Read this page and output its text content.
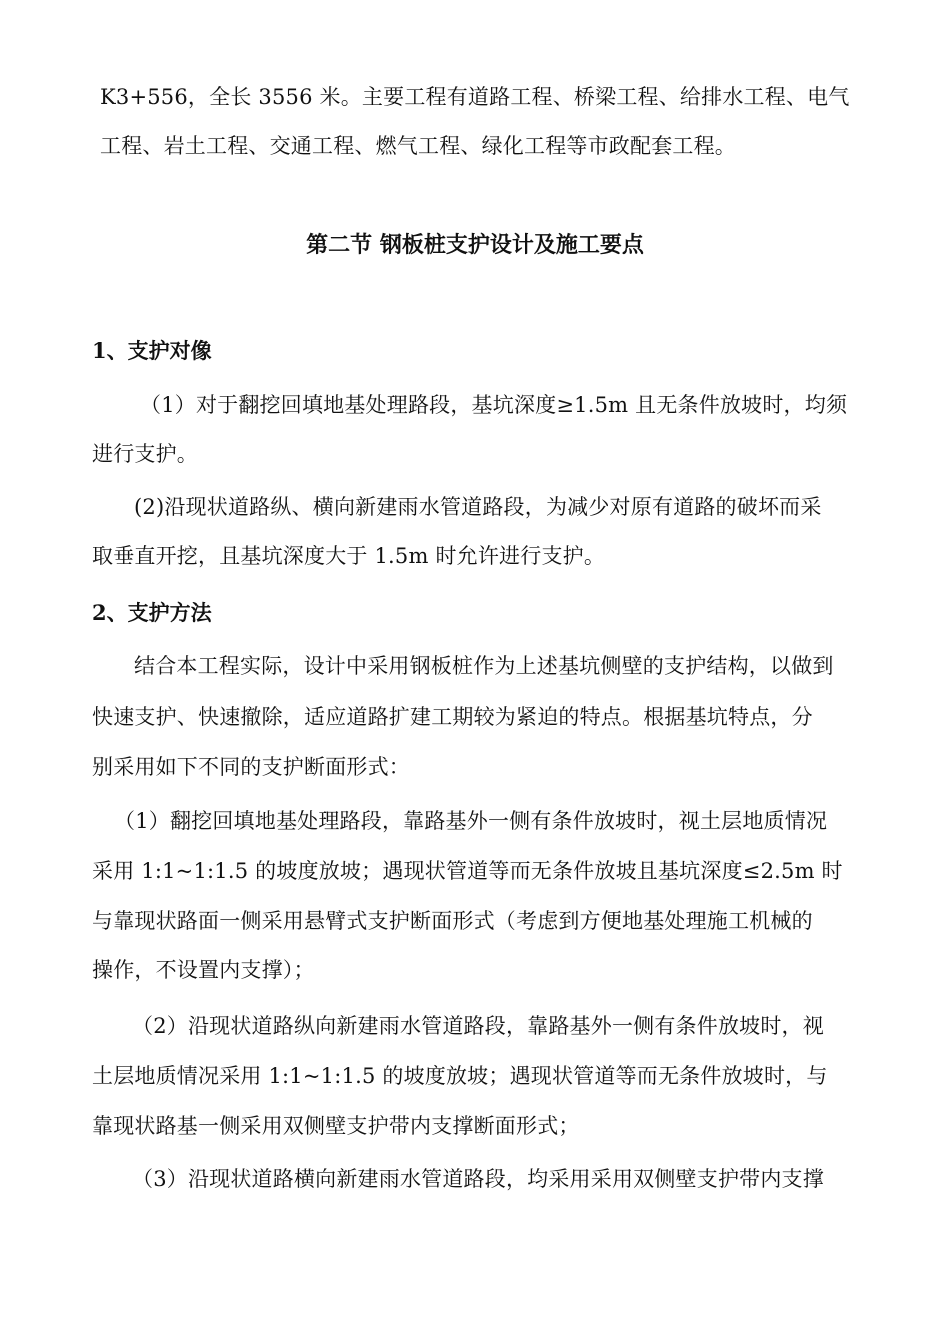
K3+556，全长 3556 米。主要工程有道路工程、桥梁工程、给排水工程、电气
工程、岩土工程、交通工程、燃气工程、绿化工程等市政配套工程。
第二节 钢板桩支护设计及施工要点
1、支护对像
（1）对于翻挖回填地基处理路段，基坑深度≥1.5m 且无条件放坡时，均须
进行支护。
(2)沿现状道路纵、横向新建雨水管道路段，为减少对原有道路的破坏而采
取垂直开挖，且基坑深度大于 1.5m 时允许进行支护。
2、支护方法
结合本工程实际，设计中采用钢板桩作为上述基坑侧壁的支护结构，以做到
快速支护、快速撤除，适应道路扩建工期较为紧迫的特点。根据基坑特点，分
别采用如下不同的支护断面形式：
（1）翻挖回填地基处理路段，靠路基外一侧有条件放坡时，视土层地质情况
采用 1:1~1:1.5 的坡度放坡；遇现状管道等而无条件放坡且基坑深度≤2.5m 时
与靠现状路面一侧采用悬臂式支护断面形式（考虑到方便地基处理施工机械的
操作，不设置内支撑）；
（2）沿现状道路纵向新建雨水管道路段，靠路基外一侧有条件放坡时，视
土层地质情况采用 1:1~1:1.5 的坡度放坡；遇现状管道等而无条件放坡时，与
靠现状路基一侧采用双侧壁支护带内支撑断面形式；
（3）沿现状道路横向新建雨水管道路段，均采用采用双侧壁支护带内支撑
